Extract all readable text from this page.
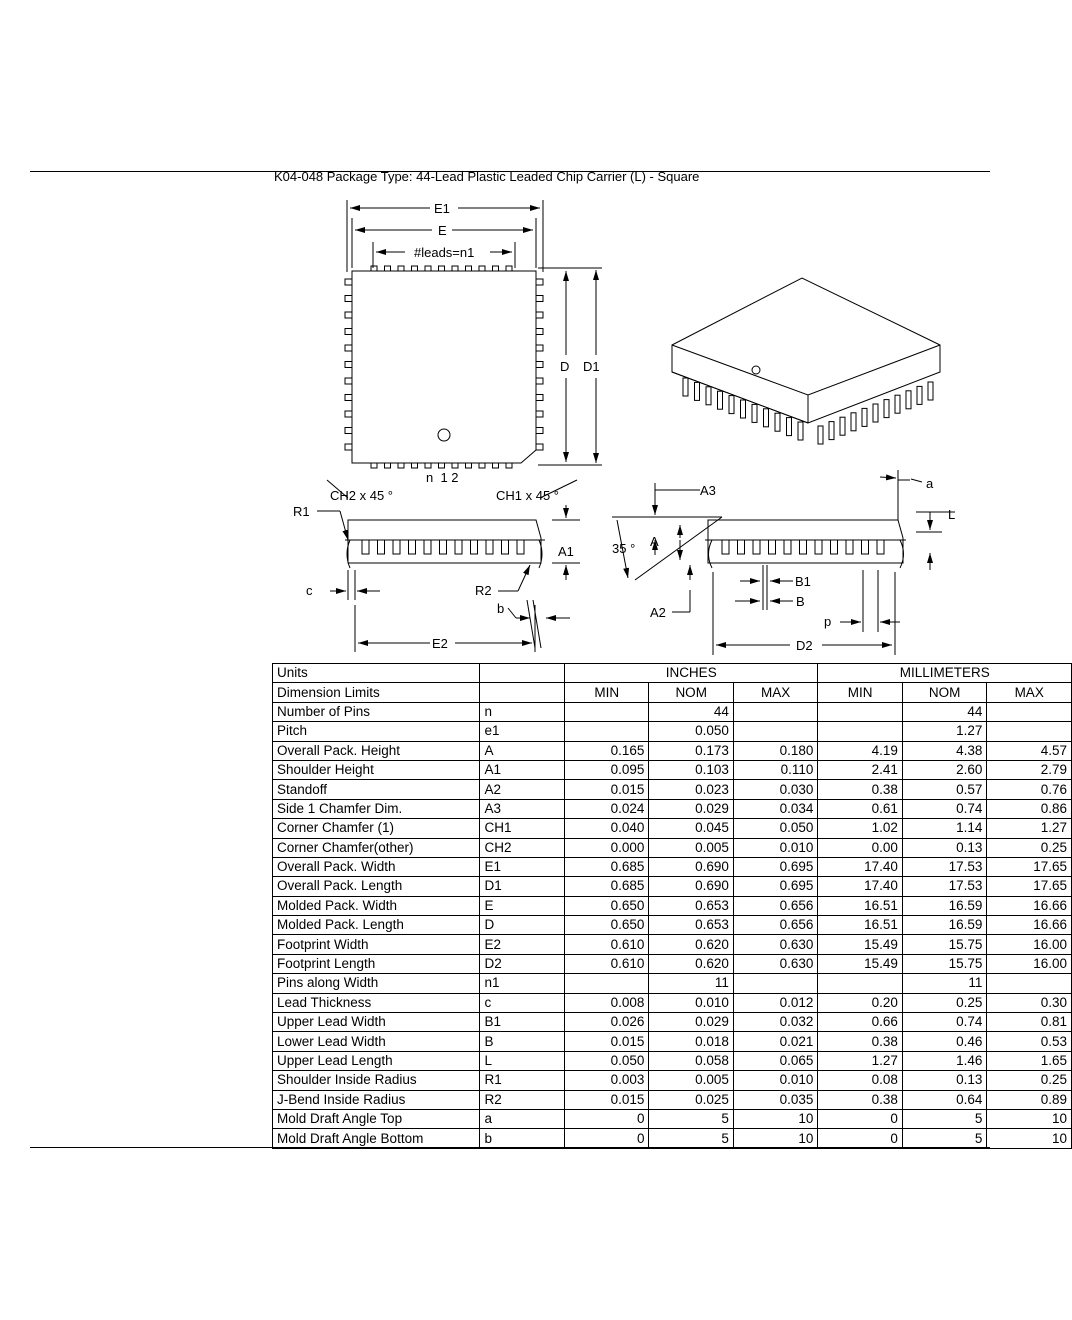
K04-048 Package Type: 44-Lead Plastic Leaded Chip Carrier (L) - Square
E1
E
#leads=n1
D D1
n  1 2
CH2 x 45 °	CH1 x 45 °
R1
A1
c	R2
b
E2
A3	a
L
35 ° A
B1
B
A2
p
D2
Units		INCHES			MILLIMETERS		
Dimension Limits		MIN	NOM	MAX	MIN	NOM	MAX
Number of Pins	n		44			44	
Pitch	e1		0.050			1.27	
Overall Pack. Height	A	0.165	0.173	0.180	4.19	4.38	4.57
Shoulder Height	A1	0.095	0.103	0.110	2.41	2.60	2.79
Standoff	A2	0.015	0.023	0.030	0.38	0.57	0.76
Side 1 Chamfer Dim.	A3	0.024	0.029	0.034	0.61	0.74	0.86
Corner Chamfer (1)	CH1	0.040	0.045	0.050	1.02	1.14	1.27
Corner Chamfer(other)	CH2	0.000	0.005	0.010	0.00	0.13	0.25
Overall Pack. Width	E1	0.685	0.690	0.695	17.40	17.53	17.65
Overall Pack. Length	D1	0.685	0.690	0.695	17.40	17.53	17.65
Molded Pack. Width	E	0.650	0.653	0.656	16.51	16.59	16.66
Molded Pack. Length	D	0.650	0.653	0.656	16.51	16.59	16.66
Footprint Width	E2	0.610	0.620	0.630	15.49	15.75	16.00
Footprint Length	D2	0.610	0.620	0.630	15.49	15.75	16.00
Pins along Width	n1		11			11	
Lead Thickness	c	0.008	0.010	0.012	0.20	0.25	0.30
Upper Lead Width	B1	0.026	0.029	0.032	0.66	0.74	0.81
Lower Lead Width	B	0.015	0.018	0.021	0.38	0.46	0.53
Upper Lead Length	L	0.050	0.058	0.065	1.27	1.46	1.65
Shoulder Inside Radius	R1	0.003	0.005	0.010	0.08	0.13	0.25
J-Bend Inside Radius	R2	0.015	0.025	0.035	0.38	0.64	0.89
Mold Draft Angle Top	a	0	5	10	0	5	10
Mold Draft Angle Bottom	b	0	5	10	0	5	10
